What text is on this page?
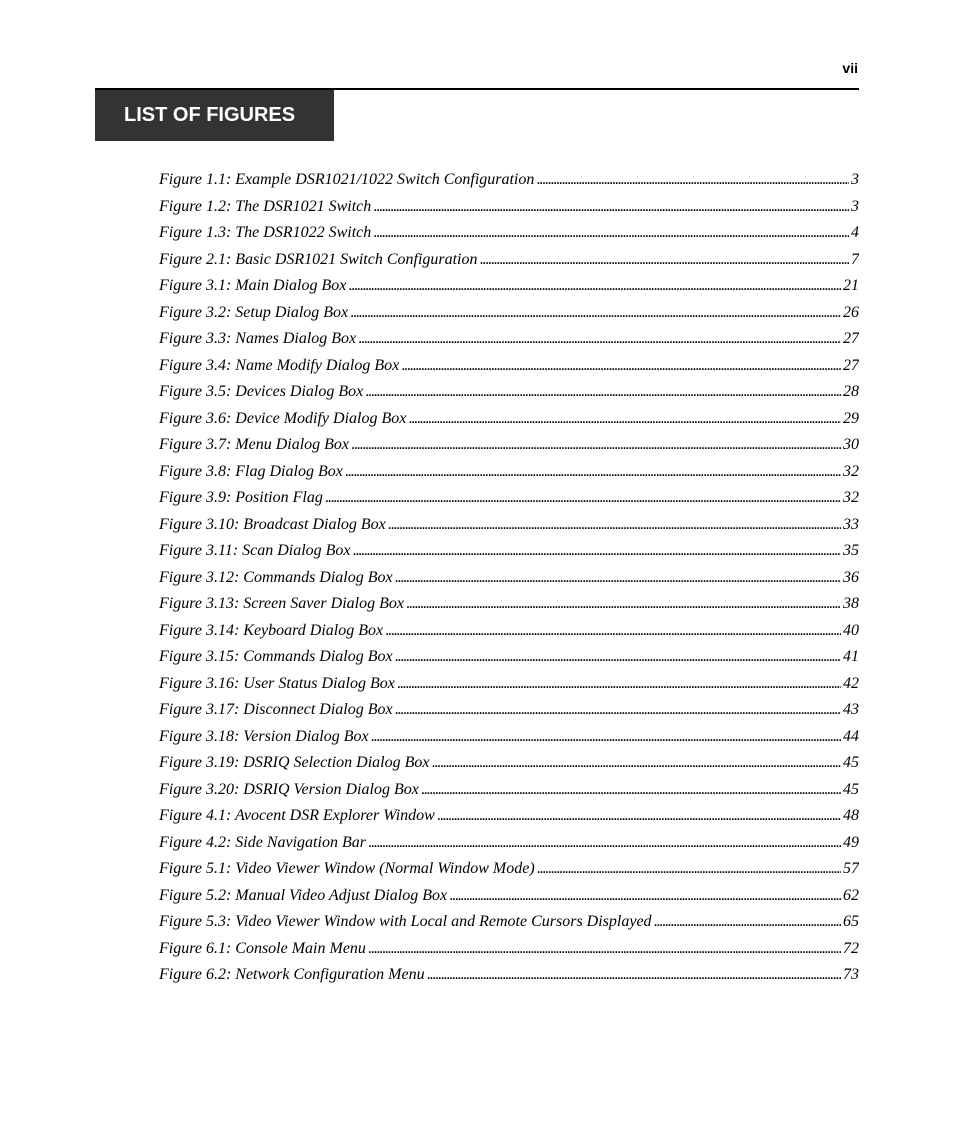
vii
LIST OF FIGURES
Figure 1.1: Example DSR1021/1022 Switch Configuration . . .	3
Figure 1.2: The DSR1021 Switch . . .	3
Figure 1.3: The DSR1022 Switch . . .	4
Figure 2.1: Basic DSR1021 Switch Configuration . . .	7
Figure 3.1: Main Dialog Box . . .	21
Figure 3.2: Setup Dialog Box . . .	26
Figure 3.3: Names Dialog Box . . .	27
Figure 3.4: Name Modify Dialog Box . . .	27
Figure 3.5: Devices Dialog Box . . .	28
Figure 3.6: Device Modify Dialog Box . . .	29
Figure 3.7: Menu Dialog Box . . .	30
Figure 3.8: Flag Dialog Box . . .	32
Figure 3.9: Position Flag . . .	32
Figure 3.10: Broadcast Dialog Box . . .	33
Figure 3.11: Scan Dialog Box . . .	35
Figure 3.12: Commands Dialog Box . . .	36
Figure 3.13: Screen Saver Dialog Box . . .	38
Figure 3.14: Keyboard Dialog Box . . .	40
Figure 3.15: Commands Dialog Box . . .	41
Figure 3.16: User Status Dialog Box . . .	42
Figure 3.17: Disconnect Dialog Box . . .	43
Figure 3.18: Version Dialog Box . . .	44
Figure 3.19: DSRIQ Selection Dialog Box . . .	45
Figure 3.20: DSRIQ Version Dialog Box . . .	45
Figure 4.1: Avocent DSR Explorer Window . . .	48
Figure 4.2: Side Navigation Bar . . .	49
Figure 5.1: Video Viewer Window (Normal Window Mode) . . .	57
Figure 5.2: Manual Video Adjust Dialog Box . . .	62
Figure 5.3: Video Viewer Window with Local and Remote Cursors Displayed . . .	65
Figure 6.1: Console Main Menu . . .	72
Figure 6.2: Network Configuration Menu . . .	73
